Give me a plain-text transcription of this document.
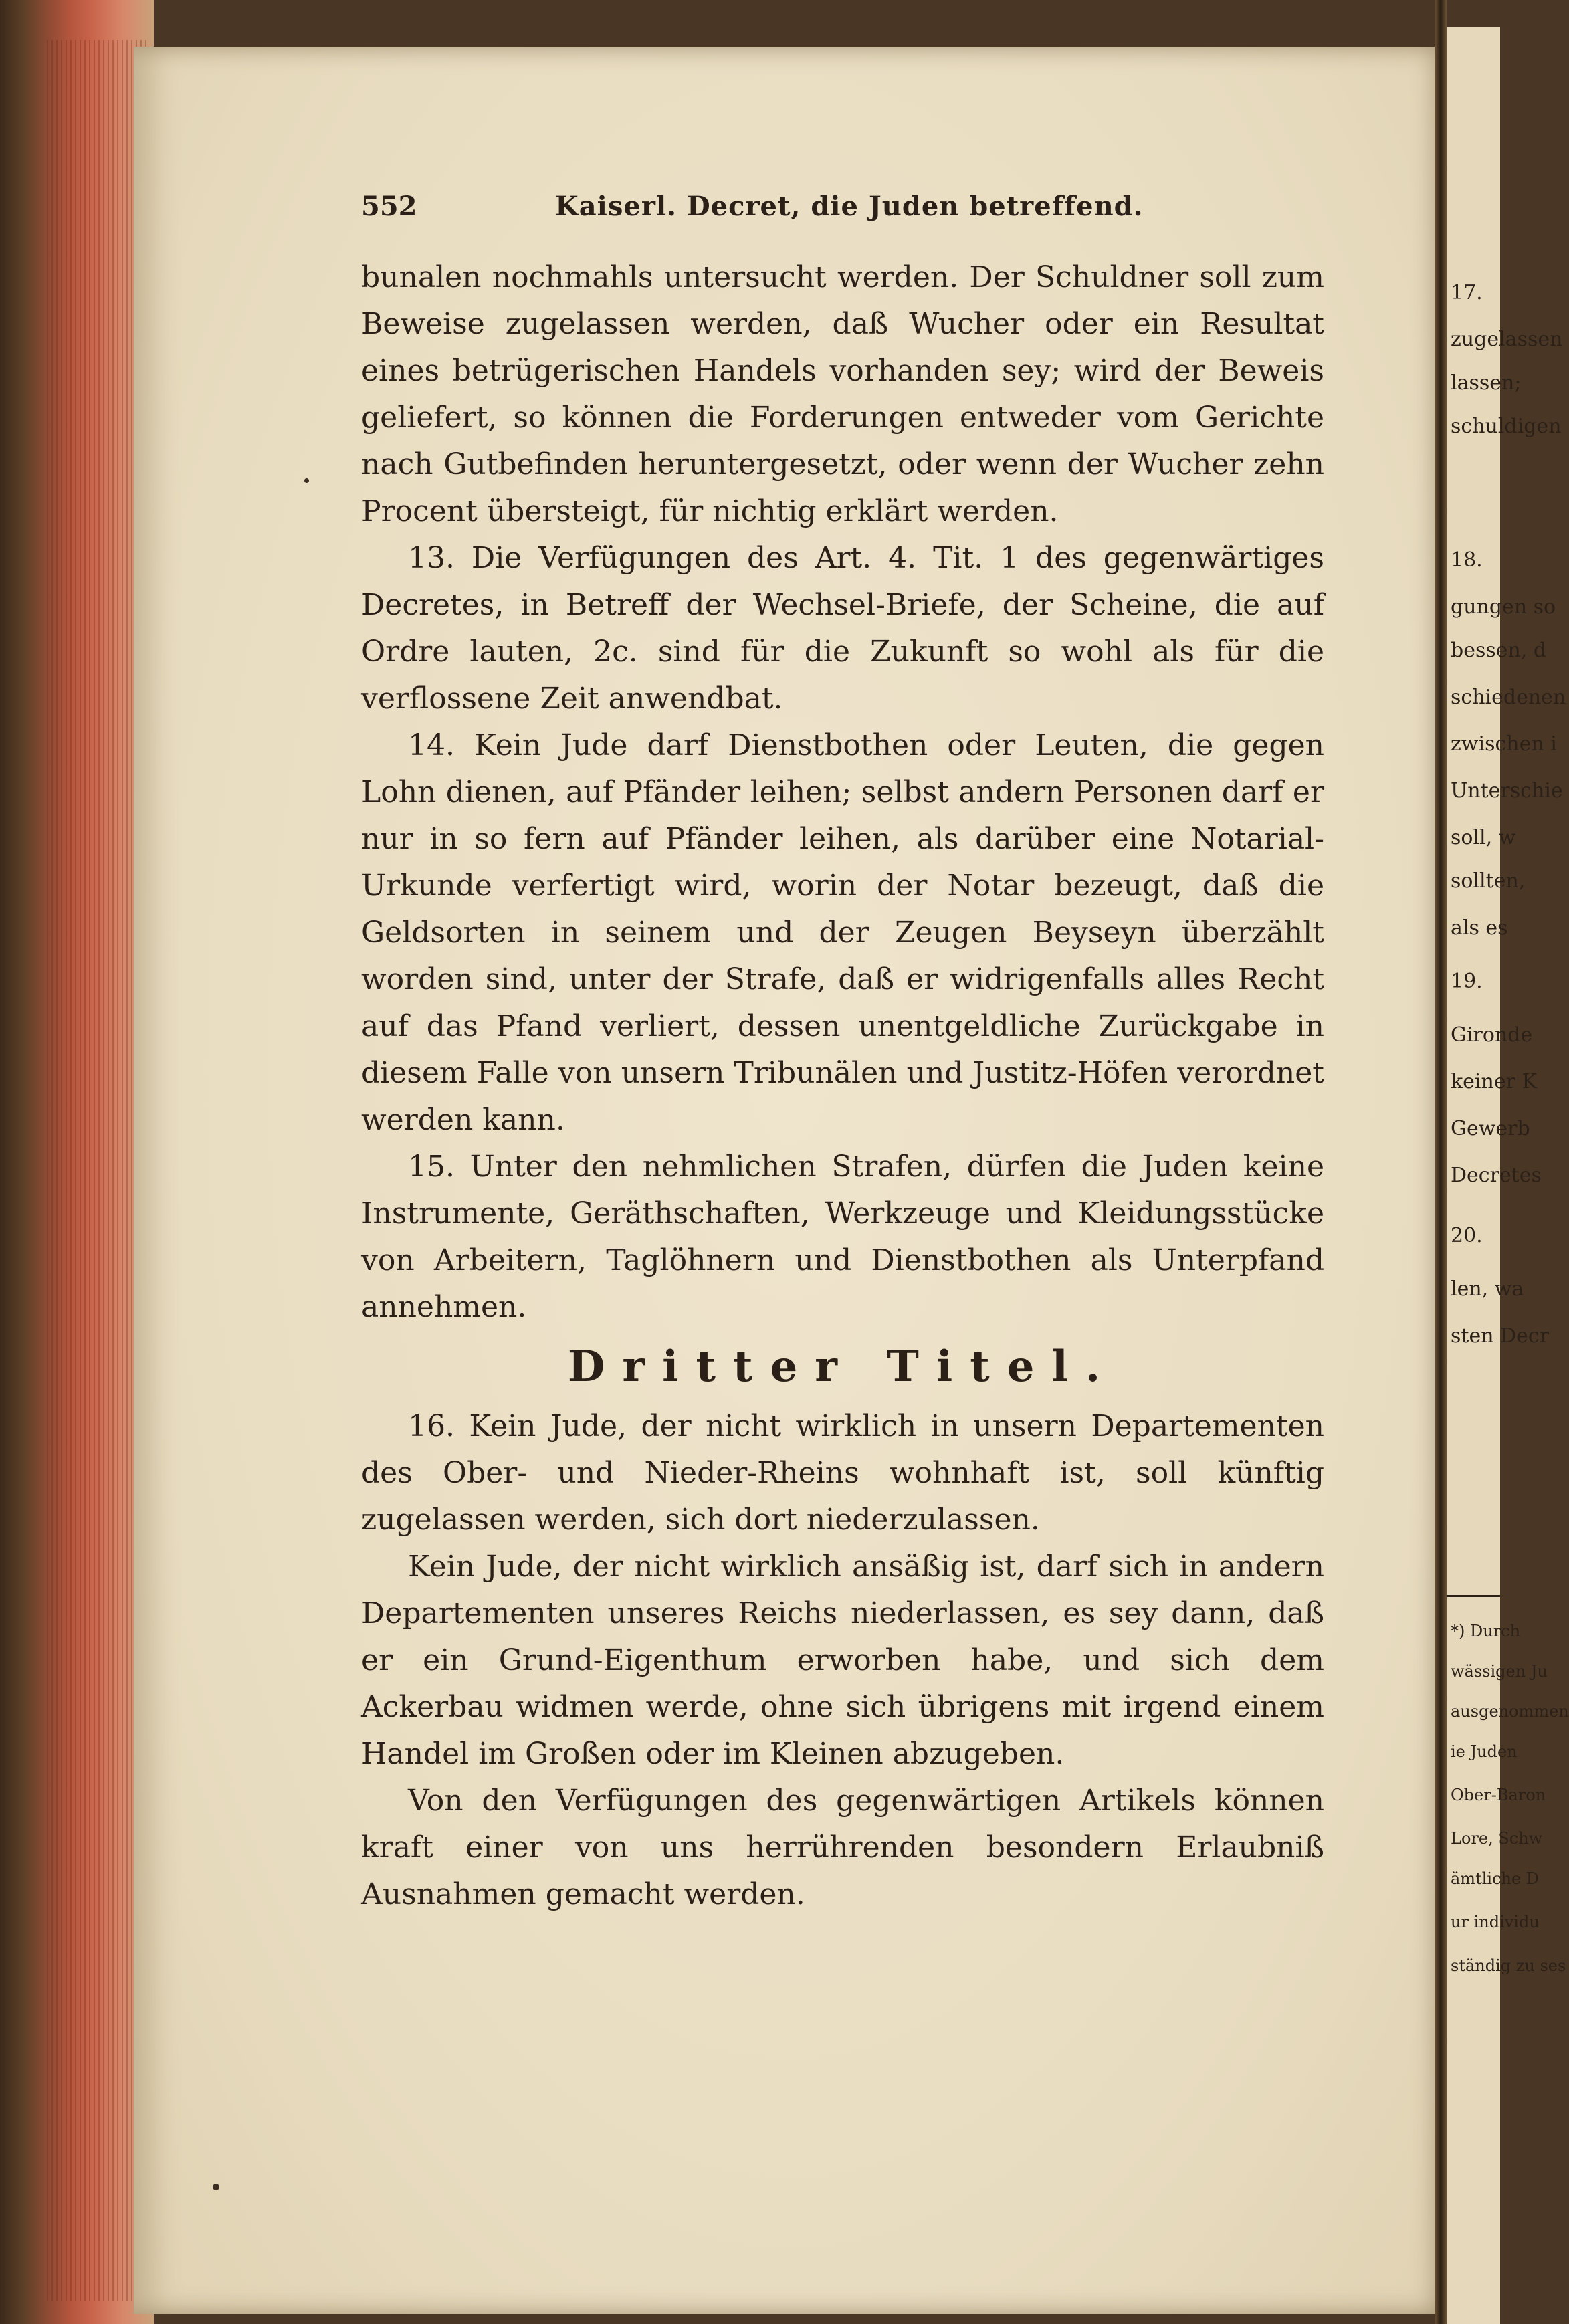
552	Kaiserl. Decret, die Juden betreffend.

bunalen nochmahls untersucht werden. Der Schuldner soll zum Beweise zugelassen werden, daß Wucher oder ein Resultat eines betrügerischen Handels vorhanden sey; wird der Beweis geliefert, so können die Forderungen entweder vom Gerichte nach Gutbefinden heruntergesetzt, oder wenn der Wucher zehn Procent übersteigt, für nichtig erklärt werden.

13. Die Verfügungen des Art. 4. Tit. 1 des gegenwärtiges Decretes, in Betreff der Wechsel-Briefe, der Scheine, die auf Ordre lauten, 2c. sind für die Zukunft so wohl als für die verflossene Zeit anwendbat.

14. Kein Jude darf Dienstbothen oder Leuten, die gegen Lohn dienen, auf Pfänder leihen; selbst andern Personen darf er nur in so fern auf Pfänder leihen, als darüber eine Notarial-Urkunde verfertigt wird, worin der Notar bezeugt, daß die Geldsorten in seinem und der Zeugen Beyseyn überzählt worden sind, unter der Strafe, daß er widrigenfalls alles Recht auf das Pfand verliert, dessen unentgeldliche Zurückgabe in diesem Falle von unsern Tribunälen und Justitz-Höfen verordnet werden kann.

15. Unter den nehmlichen Strafen, dürfen die Juden keine Instrumente, Geräthschaften, Werkzeuge und Kleidungsstücke von Arbeitern, Taglöhnern und Dienstbothen als Unterpfand annehmen.

Dritter Titel.

16. Kein Jude, der nicht wirklich in unsern Departementen des Ober- und Nieder-Rheins wohnhaft ist, soll künftig zugelassen werden, sich dort niederzulassen.

Kein Jude, der nicht wirklich ansäßig ist, darf sich in andern Departementen unseres Reichs niederlassen, es sey dann, daß er ein Grund-Eigenthum erworben habe, und sich dem Ackerbau widmen werde, ohne sich übrigens mit irgend einem Handel im Großen oder im Kleinen abzugeben.

Von den Verfügungen des gegenwärtigen Artikels können kraft einer von uns herrührenden besondern Erlaubniß Ausnahmen gemacht werden.

17.
zugelassen
lassen;
schuldigen
18.
gungen so
bessen, d
schiedenen
zwischen i
Unterschie
soll, w
sollten,
als es
19.
Gironde
keiner K
Gewerb
Decretes
20.
len, wa
sten Decr
*) Durch
wässigen Ju
ausgenommen
ie Juden
Ober-Baron
Lore, Schw
ämtliche D
ur individu
ständig zu ses
